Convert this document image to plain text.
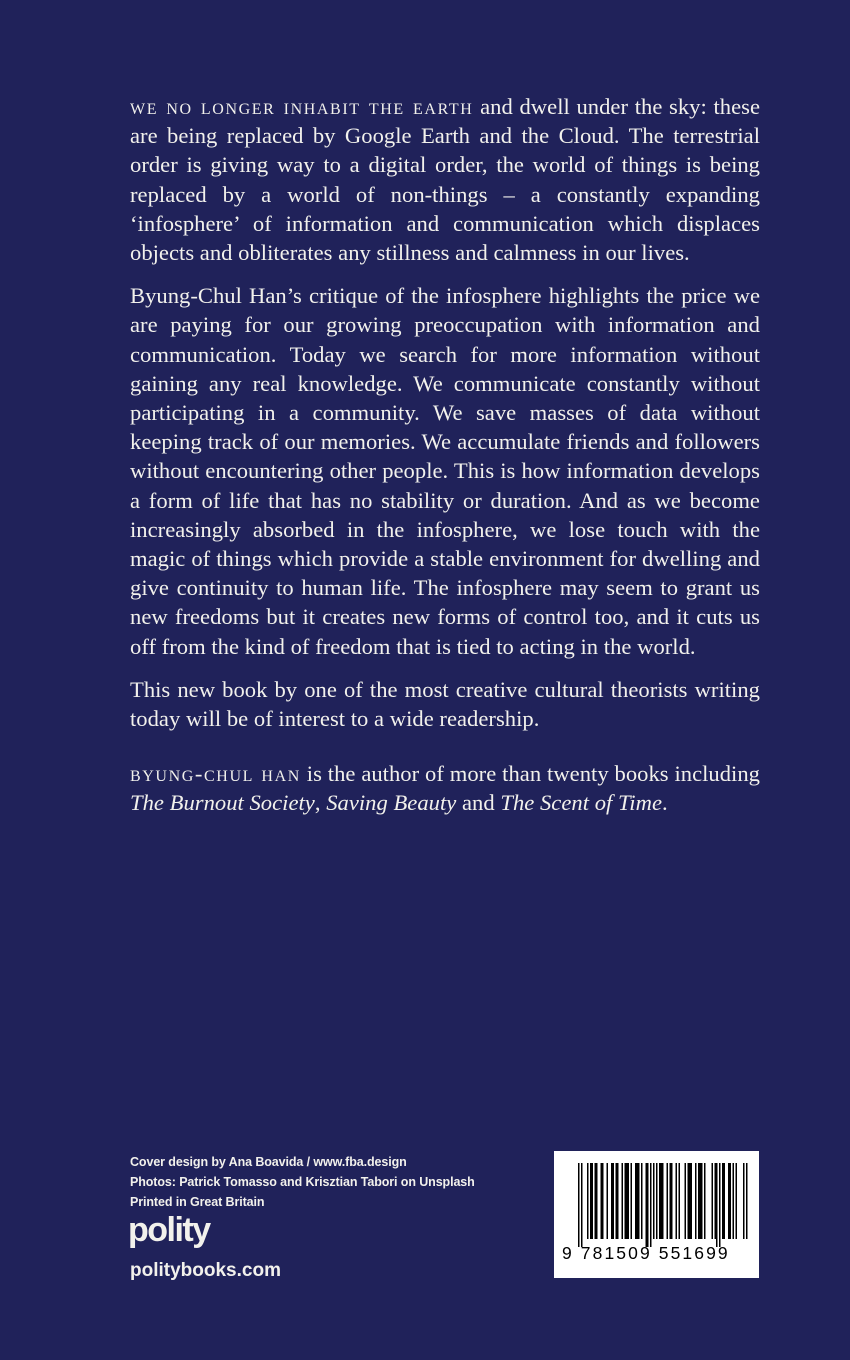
we no longer inhabit the earth and dwell under the sky: these are being replaced by Google Earth and the Cloud. The terrestrial order is giving way to a digital order, the world of things is being replaced by a world of non-things – a constantly expanding ‘infosphere’ of information and communication which displaces objects and obliterates any stillness and calmness in our lives.

Byung-Chul Han’s critique of the infosphere highlights the price we are paying for our growing preoccupation with information and communication. Today we search for more information without gaining any real knowledge. We communicate constantly without participating in a community. We save masses of data without keeping track of our memories. We accumulate friends and followers without encountering other people. This is how information develops a form of life that has no stability or duration. And as we become increasingly absorbed in the infosphere, we lose touch with the magic of things which provide a stable environment for dwelling and give continuity to human life. The infosphere may seem to grant us new freedoms but it creates new forms of control too, and it cuts us off from the kind of freedom that is tied to acting in the world.

This new book by one of the most creative cultural theorists writing today will be of interest to a wide readership.

byung-chul han is the author of more than twenty books including The Burnout Society, Saving Beauty and The Scent of Time.

Cover design by Ana Boavida / www.fba.design
Photos: Patrick Tomasso and Krisztian Tabori on Unsplash
Printed in Great Britain
polity
politybooks.com
9 781509 551699
